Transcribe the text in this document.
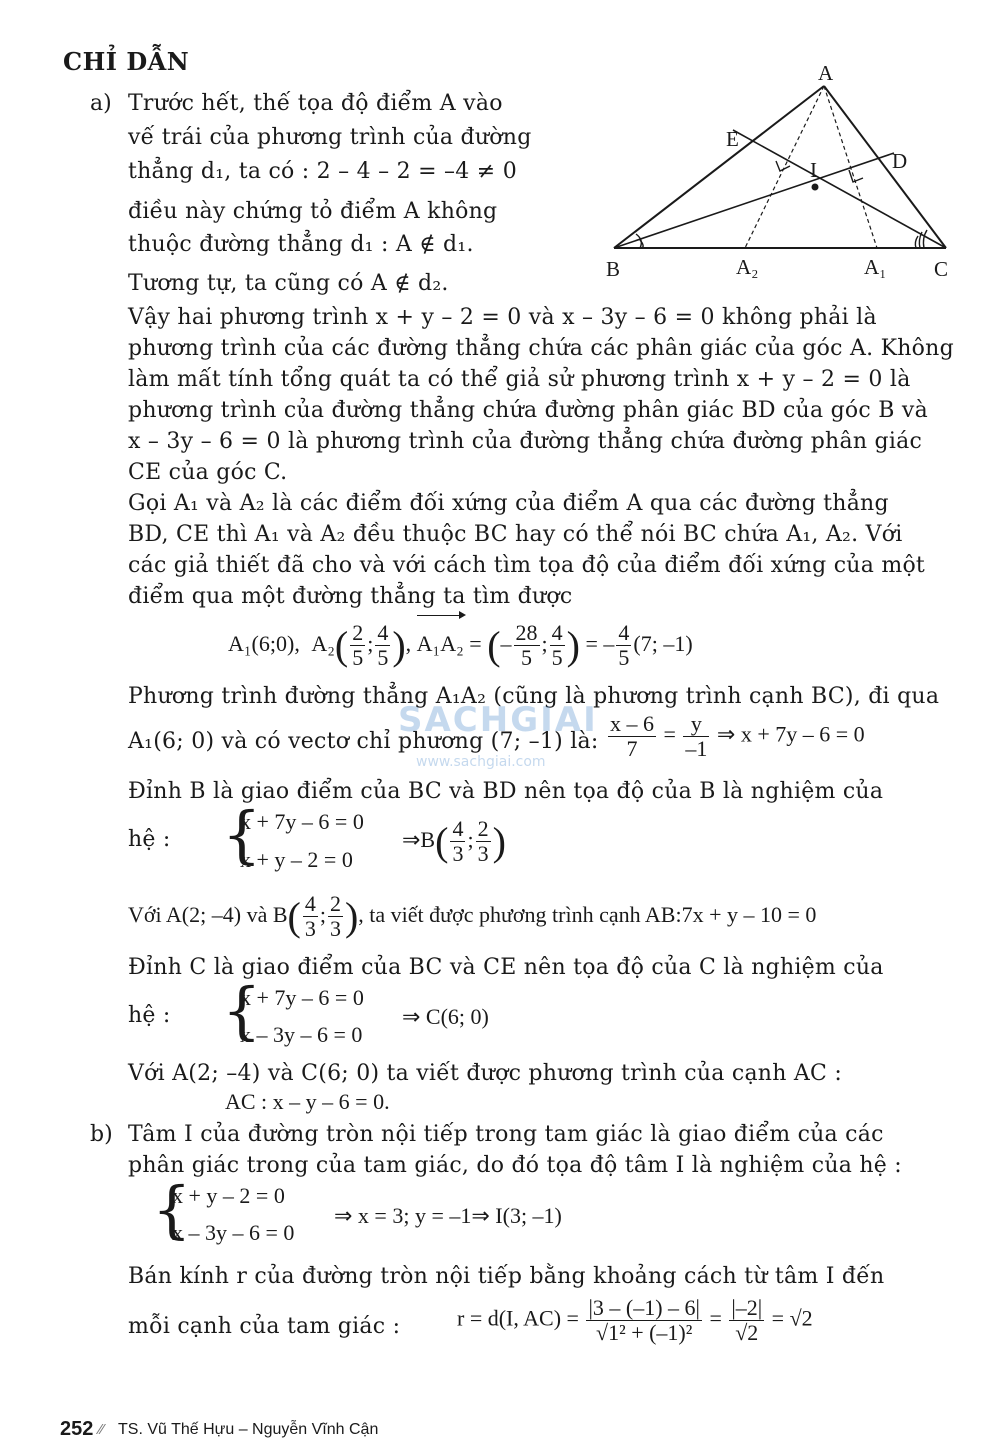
CHỈ DẪN
a) Trước hết, thế tọa độ điểm A vào
vế trái của phương trình của đường
thẳng d₁, ta có : 2 – 4 – 2 = –4 ≠ 0
điều này chứng tỏ điểm A không
thuộc đường thẳng d₁ : A ∉ d₁.
Tương tự, ta cũng có A ∉ d₂.
A
B	C
D
E
I
A₂	A₁
Vậy hai phương trình x + y – 2 = 0 và x – 3y – 6 = 0 không phải là
phương trình của các đường thẳng chứa các phân giác của góc A. Không
làm mất tính tổng quát ta có thể giả sử phương trình x + y – 2 = 0 là
phương trình của đường thẳng chứa đường phân giác BD của góc B và
x – 3y – 6 = 0 là phương trình của đường thẳng chứa đường phân giác
CE của góc C.
Gọi A₁ và A₂ là các điểm đối xứng của điểm A qua các đường thẳng
BD, CE thì A₁ và A₂ đều thuộc BC hay có thể nói BC chứa A₁, A₂. Với
các giả thiết đã cho và với cách tìm tọa độ của điểm đối xứng của một
điểm qua một đường thẳng ta tìm được
A₁(6;0), $A_2( \frac{2}{5}$ ; $\frac{4}{5}$ ), A₁A₂ = (– $\frac{28}{5}$ ; $\frac{4}{5}$ ) = – $\frac{4}{5} (7$; –1)
Phương trình đường thẳng A₁A₂ (cũng là phương trình cạnh BC), đi qua
A₁(6; 0) và có vectơ chỉ phương (7; –1) là: $\frac{x - 6}{7} = \frac{y}{-1}$ ⇒ x + 7y – 6 = 0
Đỉnh B là giao điểm của BC và BD nên tọa độ của B là nghiệm của
hệ : {
x + 7y – 6 = 0
x + y – 2 = 0
⇒B( $\frac{4}{3}$ ; $\frac{2}{3}$ )
Với A(2; –4) và $B( \frac{4}{3}$ ; $\frac{2}{3}$ ), ta viết được phương trình cạnh AB:7x + y – 10 = 0
Đỉnh C là giao điểm của BC và CE nên tọa độ của C là nghiệm của
hệ : {
x + 7y – 6 = 0
x – 3y – 6 = 0
⇒ C(6; 0)
Với A(2; –4) và C(6; 0) ta viết được phương trình của cạnh AC :
AC : x – y – 6 = 0.
b) Tâm I của đường tròn nội tiếp trong tam giác là giao điểm của các
phân giác trong của tam giác, do đó tọa độ tâm I là nghiệm của hệ :
{
x + y – 2 = 0
x – 3y – 6 = 0
⇒ x = 3; y = –1⇒ I(3; –1)
Bán kính r của đường tròn nội tiếp bằng khoảng cách từ tâm I đến
mỗi cạnh của tam giác :	r = d(I, $AC) = \frac{|3 - (-1) - 6|}{\text{√1² + (–1)²}} = \frac{|-2|}{√2} = √2$
SACHGIAI
www.sachgiai.com
252 ⁄⁄ TS. Vũ Thế Hựu – Nguyễn Vĩnh Cận
